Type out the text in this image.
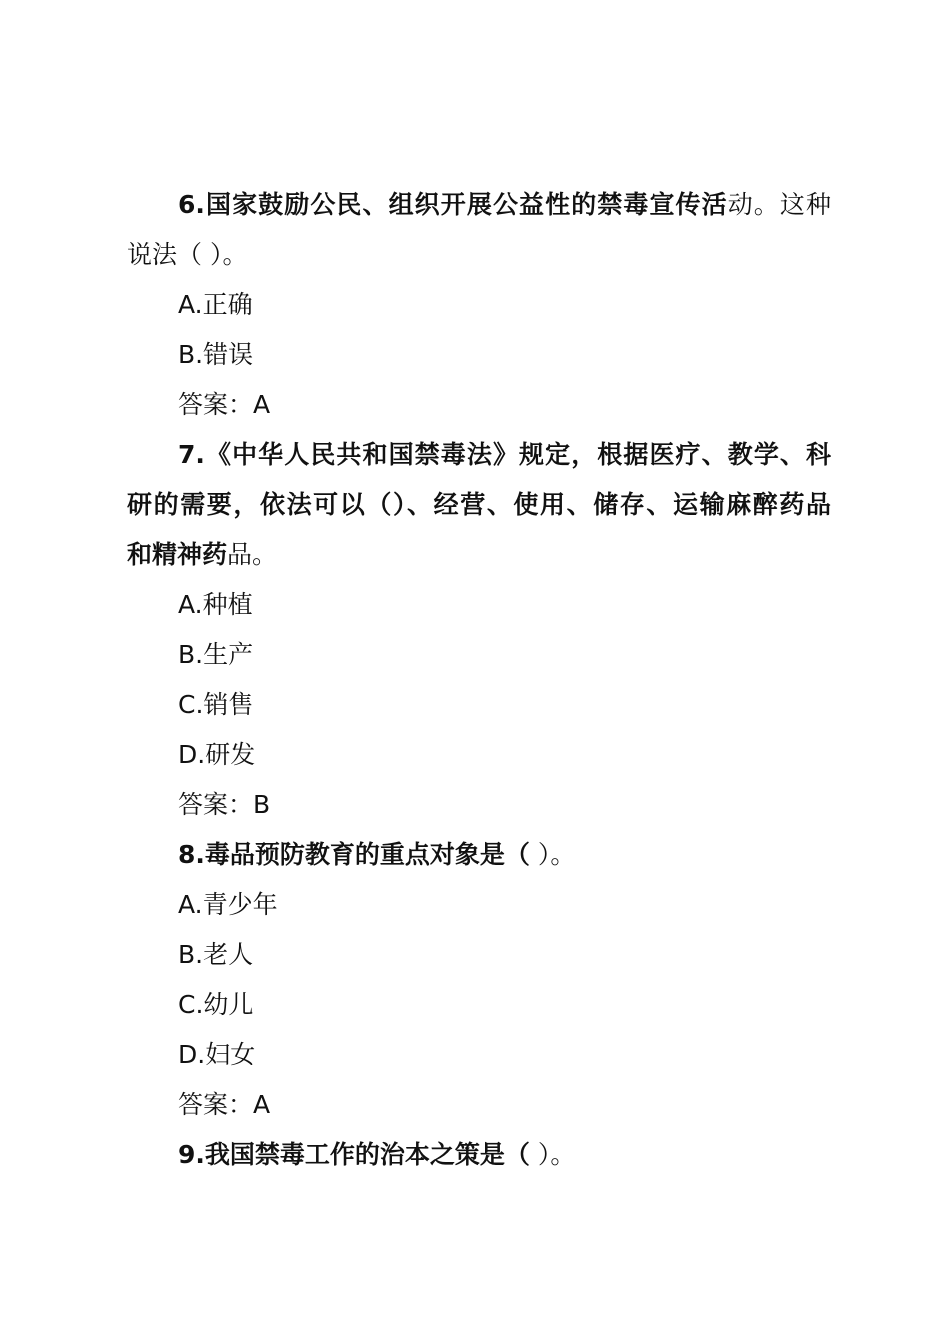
6.国家鼓励公民、组织开展公益性的禁毒宣传活动。这种
说法（ ）。
A.正确
B.错误
答案：A
7.《中华人民共和国禁毒法》规定，根据医疗、教学、科
研的需要，依法可以（）、经营、使用、储存、运输麻醉药品
和精神药品。
A.种植
B.生产
C.销售
D.研发
答案：B
8.毒品预防教育的重点对象是（ ）。
A.青少年
B.老人
C.幼儿
D.妇女
答案：A
9.我国禁毒工作的治本之策是（ ）。
